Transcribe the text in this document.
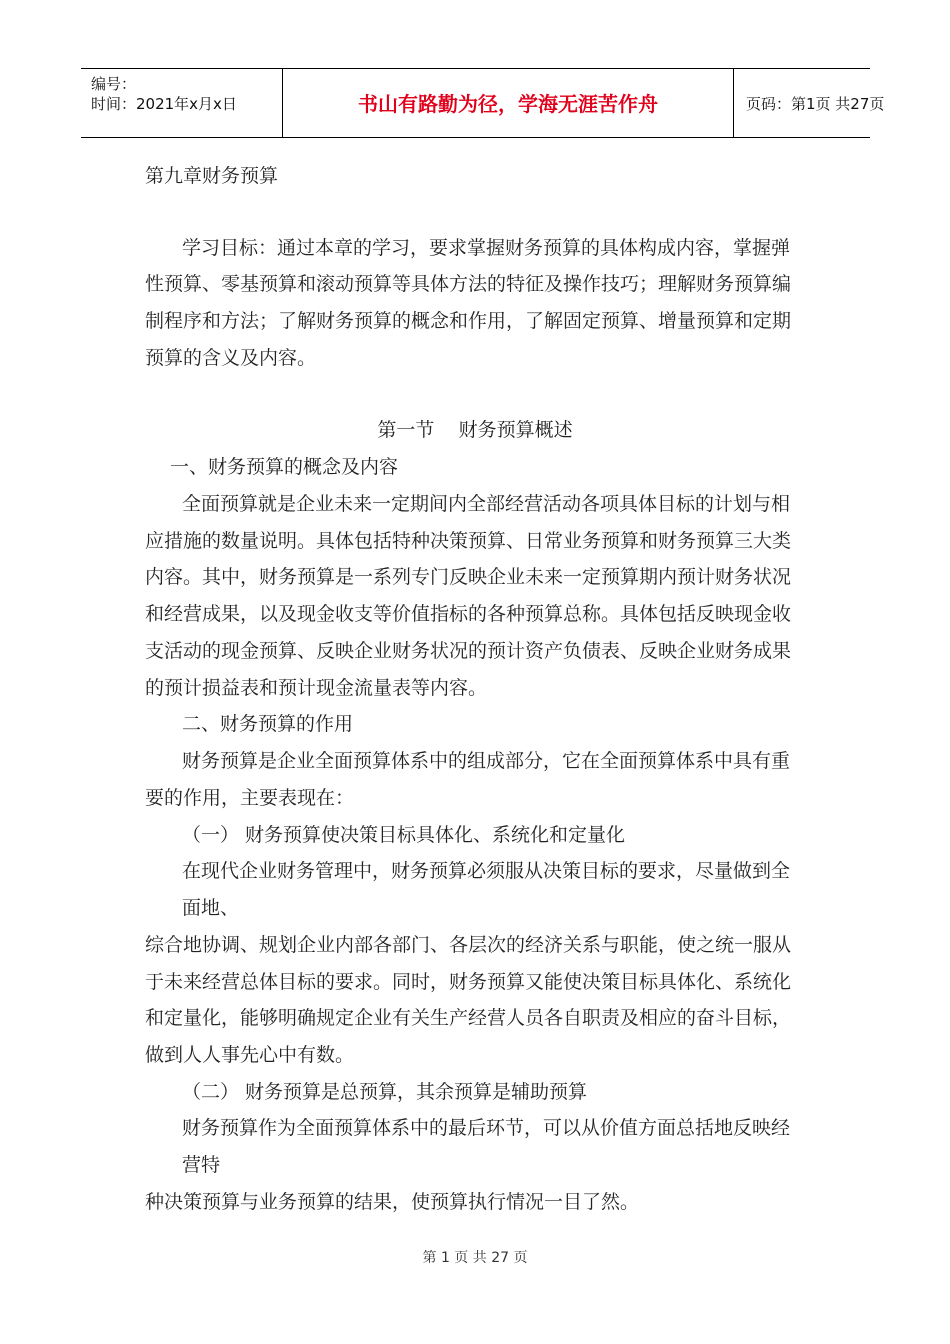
编号：
时间：2021年x月x日	书山有路勤为径，学海无涯苦作舟	页码：第1页 共27页
第九章财务预算
学习目标：通过本章的学习，要求掌握财务预算的具体构成内容，掌握弹
性预算、零基预算和滚动预算等具体方法的特征及操作技巧；理解财务预算编
制程序和方法；了解财务预算的概念和作用，了解固定预算、增量预算和定期
预算的含义及内容。
第一节    财务预算概述
一、财务预算的概念及内容
全面预算就是企业未来一定期间内全部经营活动各项具体目标的计划与相
应措施的数量说明。具体包括特种决策预算、日常业务预算和财务预算三大类
内容。其中，财务预算是一系列专门反映企业未来一定预算期内预计财务状况
和经营成果，以及现金收支等价值指标的各种预算总称。具体包括反映现金收
支活动的现金预算、反映企业财务状况的预计资产负债表、反映企业财务成果
的预计损益表和预计现金流量表等内容。
二、财务预算的作用
财务预算是企业全面预算体系中的组成部分，它在全面预算体系中具有重
要的作用，主要表现在：
（一） 财务预算使决策目标具体化、系统化和定量化
在现代企业财务管理中，财务预算必须服从决策目标的要求，尽量做到全
面地、
综合地协调、规划企业内部各部门、各层次的经济关系与职能，使之统一服从
于未来经营总体目标的要求。同时，财务预算又能使决策目标具体化、系统化
和定量化，能够明确规定企业有关生产经营人员各自职责及相应的奋斗目标，
做到人人事先心中有数。
（二） 财务预算是总预算，其余预算是辅助预算
财务预算作为全面预算体系中的最后环节，可以从价值方面总括地反映经
营特
种决策预算与业务预算的结果，使预算执行情况一目了然。
第 1 页 共 27 页
